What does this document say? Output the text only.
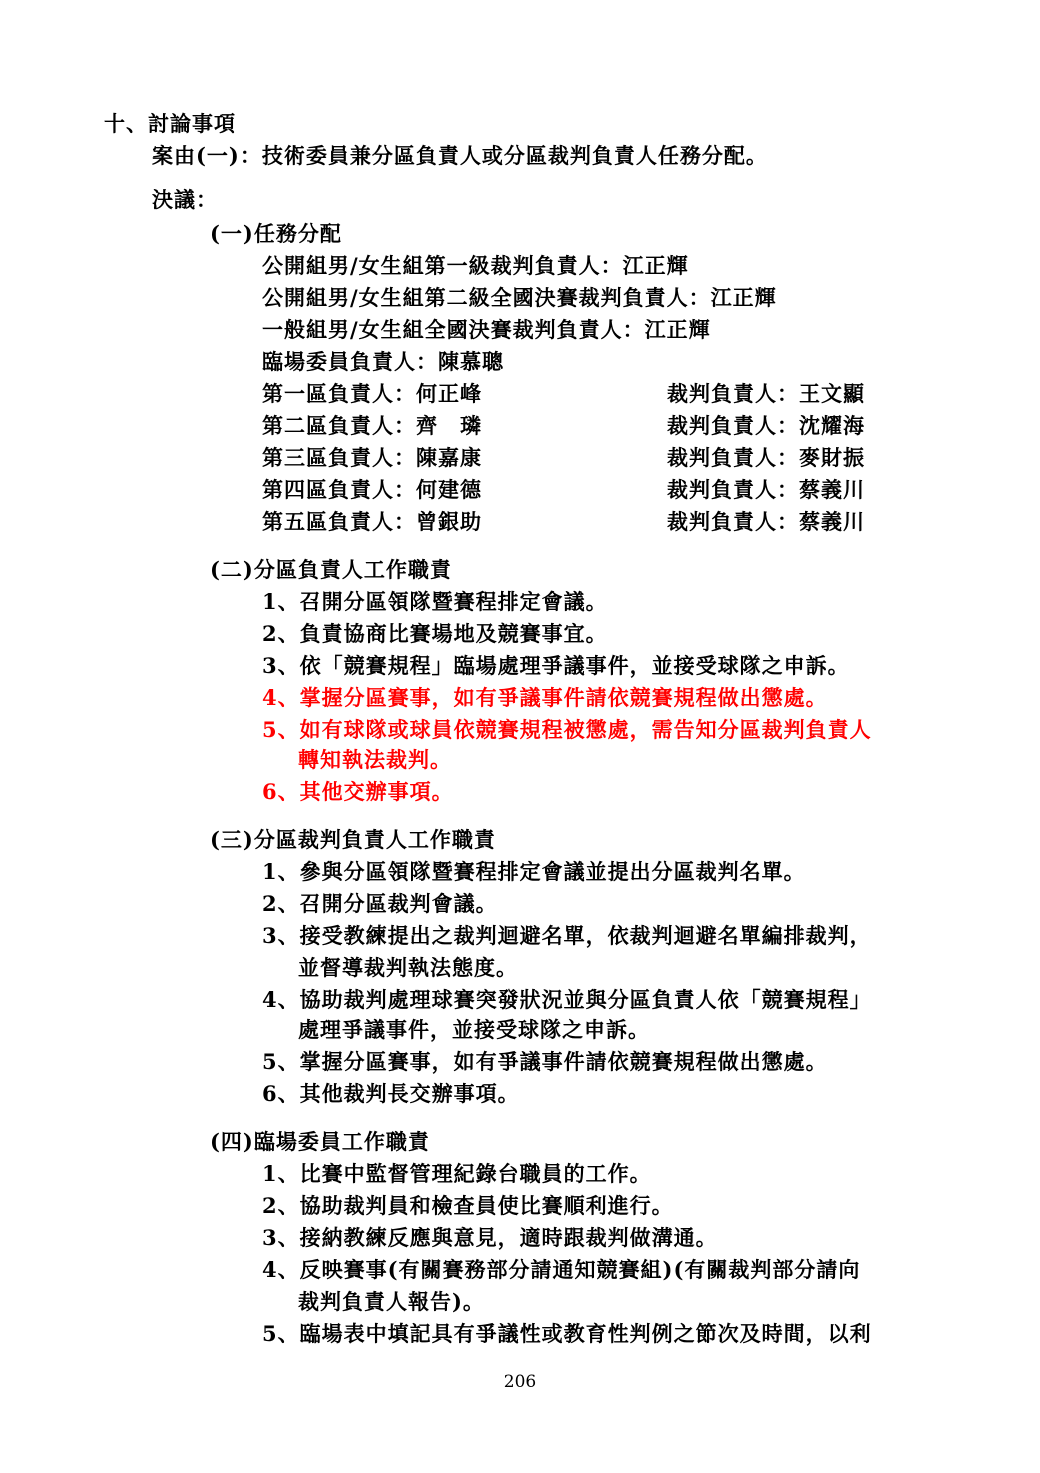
十、討論事項
案由(一)：技術委員兼分區負責人或分區裁判負責人任務分配。
決議：
(一)任務分配
公開組男/女生組第一級裁判負責人：江正輝
公開組男/女生組第二級全國決賽裁判負責人：江正輝
一般組男/女生組全國決賽裁判負責人：江正輝
臨場委員負責人：陳慕聰
第一區負責人：何正峰	裁判負責人：王文顯
第二區負責人：齊　璘	裁判負責人：沈耀海
第三區負責人：陳嘉康	裁判負責人：麥財振
第四區負責人：何建德	裁判負責人：蔡義川
第五區負責人：曾銀助	裁判負責人：蔡義川
(二)分區負責人工作職責
1、召開分區領隊暨賽程排定會議。
2、負責協商比賽場地及競賽事宜。
3、依「競賽規程」臨場處理爭議事件，並接受球隊之申訴。
4、掌握分區賽事，如有爭議事件請依競賽規程做出懲處。
5、如有球隊或球員依競賽規程被懲處，需告知分區裁判負責人
轉知執法裁判。
6、其他交辦事項。
(三)分區裁判負責人工作職責
1、參與分區領隊暨賽程排定會議並提出分區裁判名單。
2、召開分區裁判會議。
3、接受教練提出之裁判迴避名單，依裁判迴避名單編排裁判，
並督導裁判執法態度。
4、協助裁判處理球賽突發狀況並與分區負責人依「競賽規程」
處理爭議事件，並接受球隊之申訴。
5、掌握分區賽事，如有爭議事件請依競賽規程做出懲處。
6、其他裁判長交辦事項。
(四)臨場委員工作職責
1、比賽中監督管理紀錄台職員的工作。
2、協助裁判員和檢查員使比賽順利進行。
3、接納教練反應與意見，適時跟裁判做溝通。
4、反映賽事(有關賽務部分請通知競賽組)(有關裁判部分請向
裁判負責人報告)。
5、臨場表中填記具有爭議性或教育性判例之節次及時間，以利
206
